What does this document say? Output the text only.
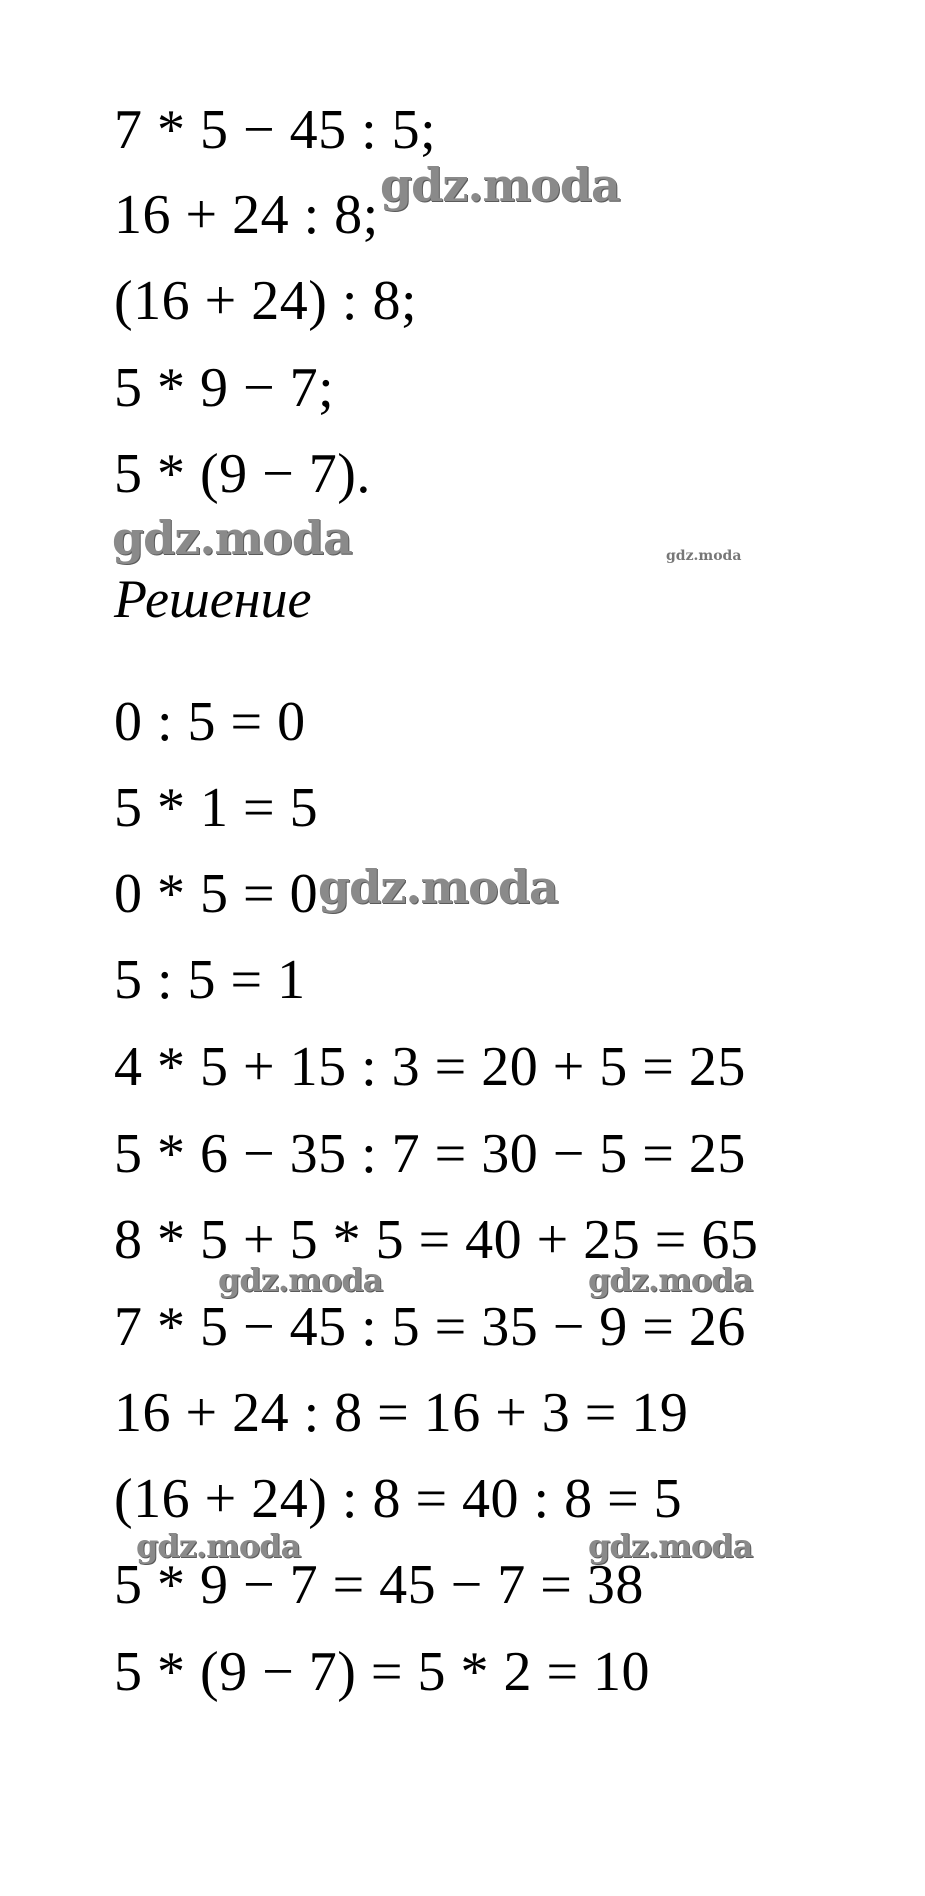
7 * 5 − 45 : 5;
16 + 24 : 8;
(16 + 24) : 8;
5 * 9 − 7;
5 * (9 − 7).
Решение
0 : 5 = 0
5 * 1 = 5
0 * 5 = 0
5 : 5 = 1
4 * 5 + 15 : 3 = 20 + 5 = 25
5 * 6 − 35 : 7 = 30 − 5 = 25
8 * 5 + 5 * 5 = 40 + 25 = 65
7 * 5 − 45 : 5 = 35 − 9 = 26
16 + 24 : 8 = 16 + 3 = 19
(16 + 24) : 8 = 40 : 8 = 5
5 * 9 − 7 = 45 − 7 = 38
5 * (9 − 7) = 5 * 2 = 10
gdz.moda
gdz.moda	gdz.moda
gdz.moda
gdz.moda	gdz.moda
gdz.moda	gdz.moda
